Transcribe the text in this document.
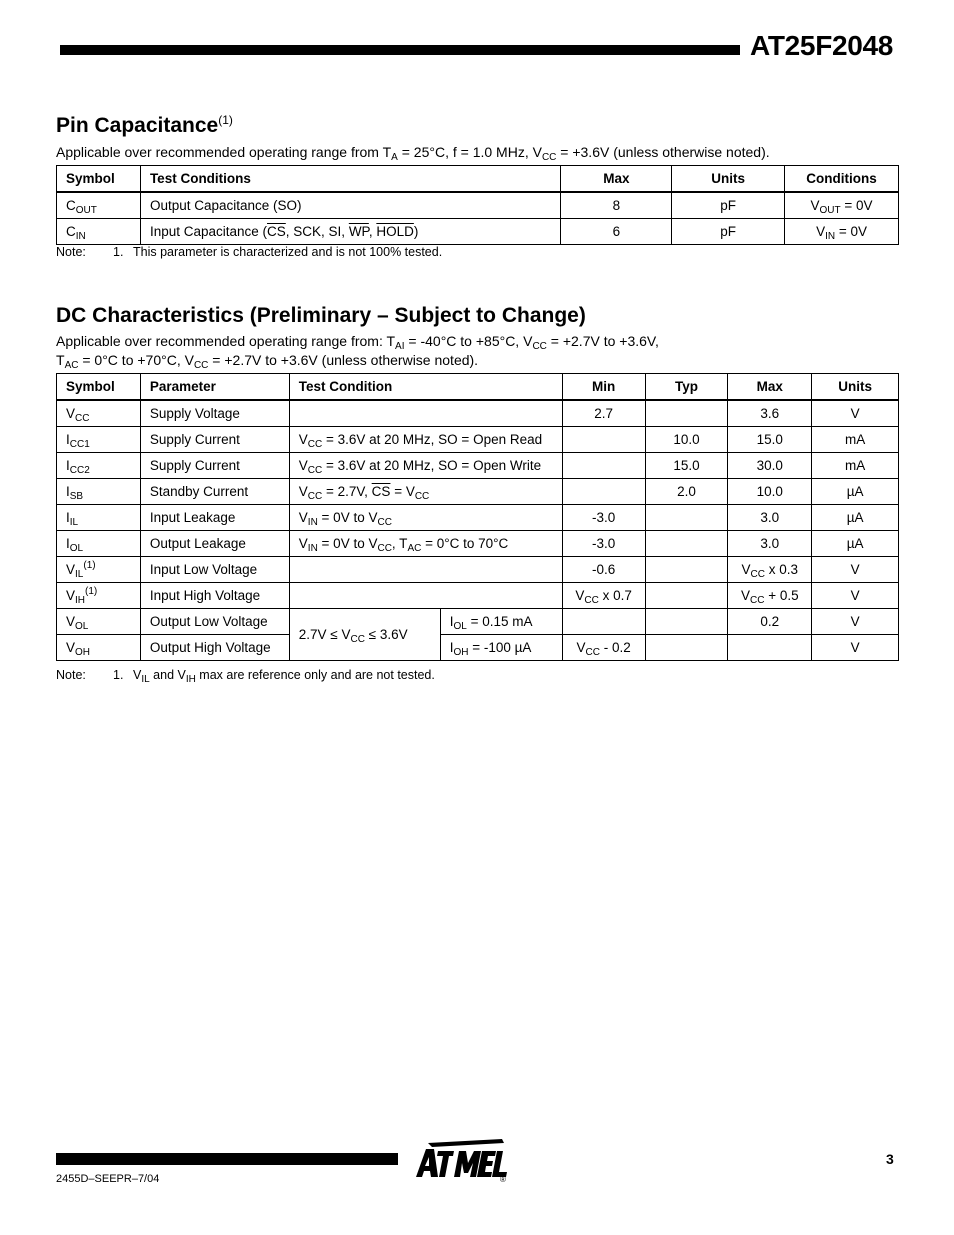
AT25F2048
Pin Capacitance$^{(1)}$
Applicable over recommended operating range from $T_A = 25^\circ C$, f = 1.0 MHz, $V_{CC} = +3.6V$ (unless otherwise noted).
Symbol	Test Conditions	Max	Units	Conditions
$C_{OUT}$	Output Capacitance (SO)	8	pF	$V_{OUT} = 0V$
$C_{IN}$	Input Capacitance ($\overline{CS}$, SCK, SI, $\overline{WP}$, HOLD)	6	pF	$V_{IN} = 0V$
Note: 1. This parameter is characterized and is not 100% tested.
DC Characteristics (Preliminary – Subject to Change)
Applicable over recommended operating range from: $T_{AI} = -40^\circ C$ to +85°C, $V_{CC} = +2.7V$ to +3.6V,
$T_{AC} = 0^\circ C$ to +70°C, $V_{CC} = +2.7V$ to +3.6V (unless otherwise noted).
Symbol	Parameter	Test Condition		Min	Typ	Max	Units
$V_{CC}$	Supply Voltage			2.7		3.6	V
$I_{CC1}$	Supply Current	$V_{CC} = 3.6V$ at 20 MHz, SO = Open Read			10.0	15.0	mA
$I_{CC2}$	Supply Current	$V_{CC} = 3.6V$ at 20 MHz, SO = Open Write			15.0	30.0	mA
$I_{SB}$	Standby Current	$V_{CC} = 2.7V$, $\overline{CS} = V_{CC}$			2.0	10.0	µA
$I_{IL}$	Input Leakage	$V_{IN} = 0V$ to $V_{CC}$		-3.0		3.0	µA
$I_{OL}$	Output Leakage	$V_{IN} = 0V$ to $V_{CC}$, $T_{AC} = 0^\circ C$ to 70°C		-3.0		3.0	µA
$V_{IL}^{(1)}$	Input Low Voltage			-0.6		$V_{CC}$ x 0.3	V
$V_{IH}^{(1)}$	Input High Voltage			$V_{CC}$ x 0.7		$V_{CC} + 0.5$	V
$V_{OL}$	Output Low Voltage	$2.7V \le V_{CC} \le 3.6V$	$I_{OL} = 0.15$ mA			0.2	V
$V_{OH}$	Output High Voltage		$I_{OH} = -100$ µA	$V_{CC} - 0.2$			V
Note: 1. $V_{IL}$ and $V_{IH}$ max are reference only and are not tested.
2455D–SEEPR–7/04
3
®
